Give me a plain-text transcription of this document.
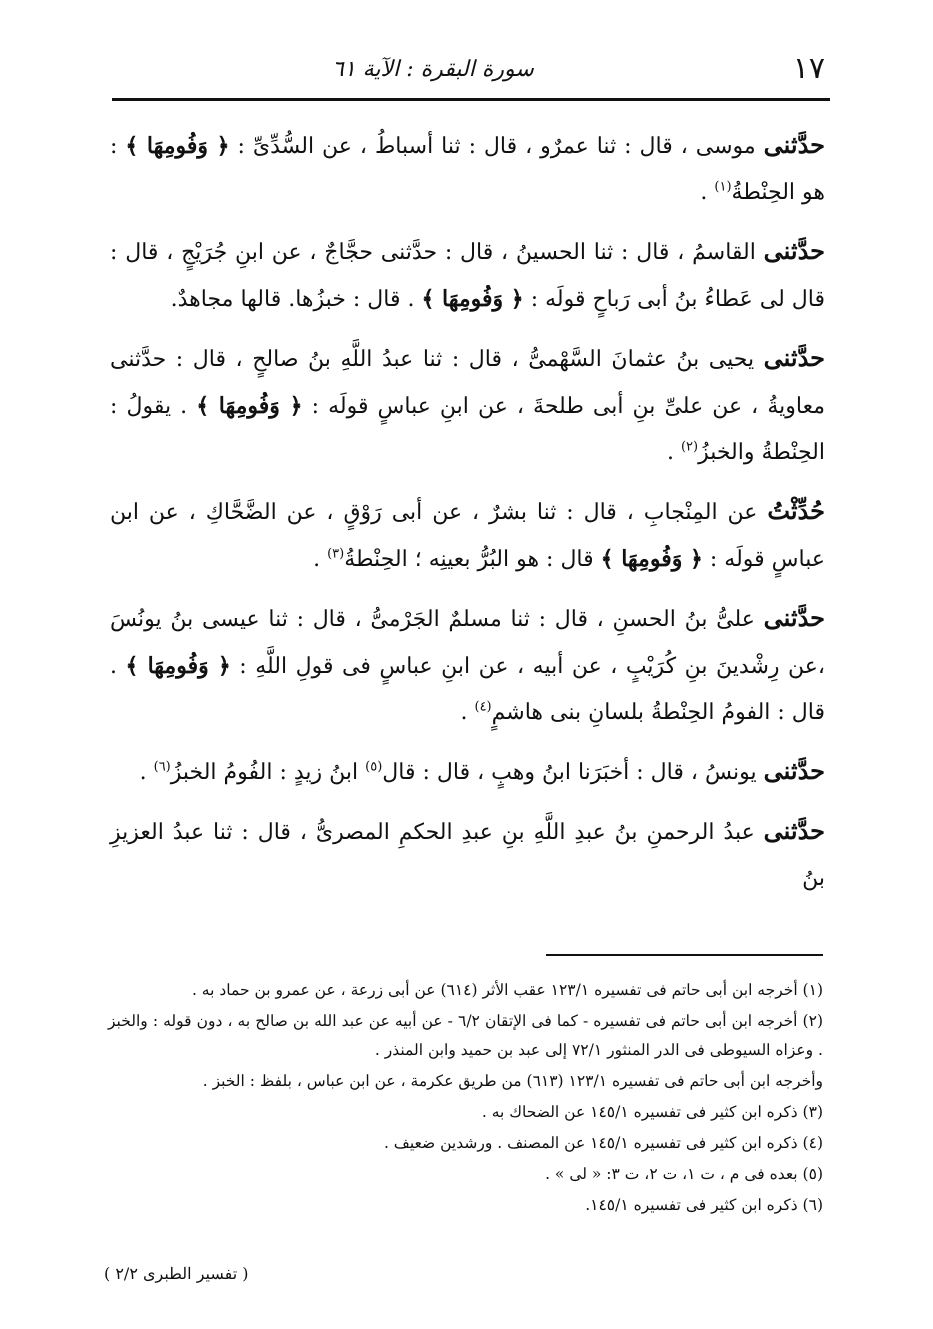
١٧
سورة البقرة : الآية ٦١

حدَّثنى موسى ، قال : ثنا عمرٌو ، قال : ثنا أسباطُ ، عن السُّدِّىِّ : ﴿ وَفُومِهَا ﴾ : هو الحِنْطةُ$^{(١)}$ .

حدَّثنى القاسمُ ، قال : ثنا الحسينُ ، قال : حدَّثنى حجَّاجٌ ، عن ابنِ جُرَيْجٍ ، قال : قال لى عَطاءُ بنُ أبى رَباحٍ قولَه : ﴿ وَفُومِهَا ﴾ . قال : خبزُها. قالها مجاهدٌ.

حدَّثنى يحيى بنُ عثمانَ السَّهْمىُّ ، قال : ثنا عبدُ اللَّهِ بنُ صالحٍ ، قال : حدَّثنى معاويةُ ، عن علىِّ بنِ أبى طلحةَ ، عن ابنِ عباسٍ قولَه : ﴿ وَفُومِهَا ﴾ . يقولُ : الحِنْطةُ والخبزُ$^{(٢)}$ .

حُدِّثْتُ عن المِنْجابِ ، قال : ثنا بشرٌ ، عن أبى رَوْقٍ ، عن الضَّحَّاكِ ، عن ابن عباسٍ قولَه : ﴿ وَفُومِهَا ﴾ قال : هو البُرُّ بعينِه ؛ الحِنْطةُ$^{(٣)}$ .

حدَّثنى علىُّ بنُ الحسنِ ، قال : ثنا مسلمٌ الجَرْمىُّ ، قال : ثنا عيسى بنُ يونُسَ ،عن رِشْدينَ بنِ كُرَيْبٍ ، عن أبيه ، عن ابنِ عباسٍ فى قولِ اللَّهِ : ﴿ وَفُومِهَا ﴾ . قال : الفومُ الحِنْطةُ بلسانِ بنى هاشمٍ$^{(٤)}$ .

حدَّثنى يونسُ ، قال : أخبَرَنا ابنُ وهبٍ ، قال : قال$^{(٥)}$ ابنُ زيدٍ : الفُومُ الخبزُ$^{(٦)}$ .

حدَّثنى عبدُ الرحمنِ بنُ عبدِ اللَّهِ بنِ عبدِ الحكمِ المصرىُّ ، قال : ثنا عبدُ العزيزِ بنُ

(١) أخرجه ابن أبى حاتم فى تفسيره ١٢٣/١ عقب الأثر (٦١٤) عن أبى زرعة ، عن عمرو بن حماد به .

(٢) أخرجه ابن أبى حاتم فى تفسيره - كما فى الإتقان ٦/٢ - عن أبيه عن عبد الله بن صالح به ، دون قوله : والخبز . وعزاه السيوطى فى الدر المنثور ٧٢/١ إلى عبد بن حميد وابن المنذر .

وأخرجه ابن أبى حاتم فى تفسيره ١٢٣/١ (٦١٣) من طريق عكرمة ، عن ابن عباس ، بلفظ : الخبز .

(٣) ذكره ابن كثير فى تفسيره ١٤٥/١ عن الضحاك به .

(٤) ذكره ابن كثير فى تفسيره ١٤٥/١ عن المصنف . ورشدين ضعيف .

(٥) بعده فى م ، ت ١، ت ٢، ت ٣: « لى » .

(٦) ذكره ابن كثير فى تفسيره ١٤٥/١.

( تفسير الطبرى ٢/٢ )
